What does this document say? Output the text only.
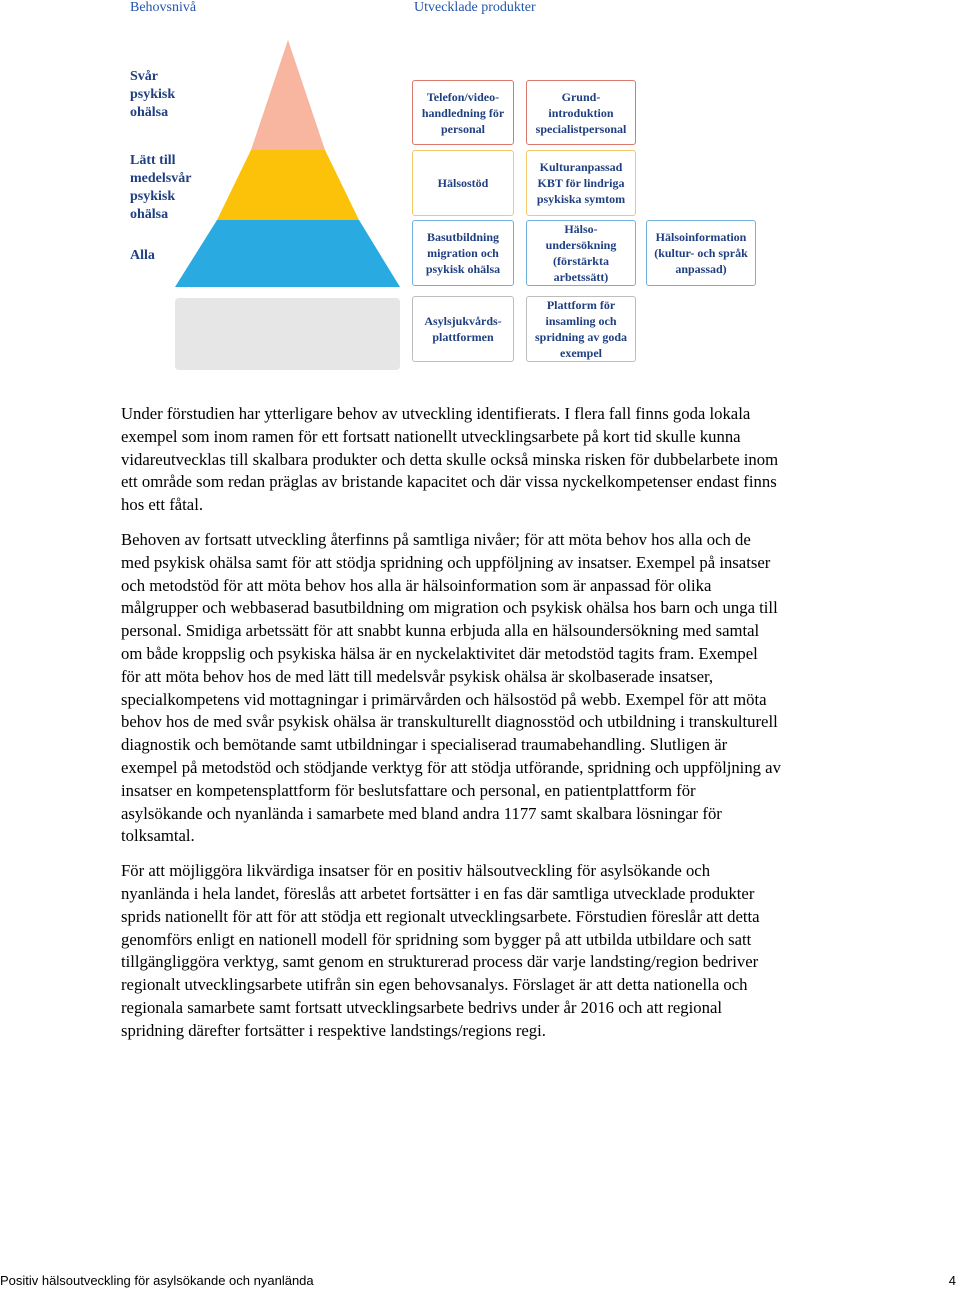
Behovsnivå	Utvecklade produkter
Svår
psykisk
ohälsa
Lätt till
medelsvår
psykisk
ohälsa
Alla
Telefon/video-
handledning för
personal
Grund-
introduktion
specialistpersonal
Hälsostöd
Kulturanpassad
KBT för lindriga
psykiska symtom
Basutbildning
migration och
psykisk ohälsa
Hälso-
undersökning
(förstärkta
arbetssätt)
Hälsoinformation
(kultur- och språk
anpassad)
Asylsjukvårds-
plattformen
Plattform för
insamling och
spridning av goda
exempel

Under förstudien har ytterligare behov av utveckling identifierats. I flera fall finns goda lokala exempel som inom ramen för ett fortsatt nationellt utvecklingsarbete på kort tid skulle kunna vidareutvecklas till skalbara produkter och detta skulle också minska risken för dubbelarbete inom ett område som redan präglas av bristande kapacitet och där vissa nyckelkompetenser endast finns hos ett fåtal.

Behoven av fortsatt utveckling återfinns på samtliga nivåer; för att möta behov hos alla och de med psykisk ohälsa samt för att stödja spridning och uppföljning av insatser. Exempel på insatser och metodstöd för att möta behov hos alla är hälsoinformation som är anpassad för olika målgrupper och webbaserad basutbildning om migration och psykisk ohälsa hos barn och unga till personal. Smidiga arbetssätt för att snabbt kunna erbjuda alla en hälsoundersökning med samtal om både kroppslig och psykiska hälsa är en nyckelaktivitet där metodstöd tagits fram. Exempel för att möta behov hos de med lätt till medelsvår psykisk ohälsa är skolbaserade insatser, specialkompetens vid mottagningar i primärvården och hälsostöd på webb. Exempel för att möta behov hos de med svår psykisk ohälsa är transkulturellt diagnosstöd och utbildning i transkulturell diagnostik och bemötande samt utbildningar i specialiserad traumabehandling. Slutligen är exempel på metodstöd och stödjande verktyg för att stödja utförande, spridning och uppföljning av insatser en kompetensplattform för beslutsfattare och personal, en patientplattform för asylsökande och nyanlända i samarbete med bland andra 1177 samt skalbara lösningar för tolksamtal.

För att möjliggöra likvärdiga insatser för en positiv hälsoutveckling för asylsökande och nyanlända i hela landet, föreslås att arbetet fortsätter i en fas där samtliga utvecklade produkter sprids nationellt för att för att stödja ett regionalt utvecklingsarbete. Förstudien föreslår att detta genomförs enligt en nationell modell för spridning som bygger på att utbilda utbildare och satt tillgängliggöra verktyg, samt genom en strukturerad process där varje landsting/region bedriver regionalt utvecklingsarbete utifrån sin egen behovsanalys. Förslaget är att detta nationella och regionala samarbete samt fortsatt utvecklingsarbete bedrivs under år 2016 och att regional spridning därefter fortsätter i respektive landstings/regions regi.

Positiv hälsoutveckling för asylsökande och nyanlända	4
